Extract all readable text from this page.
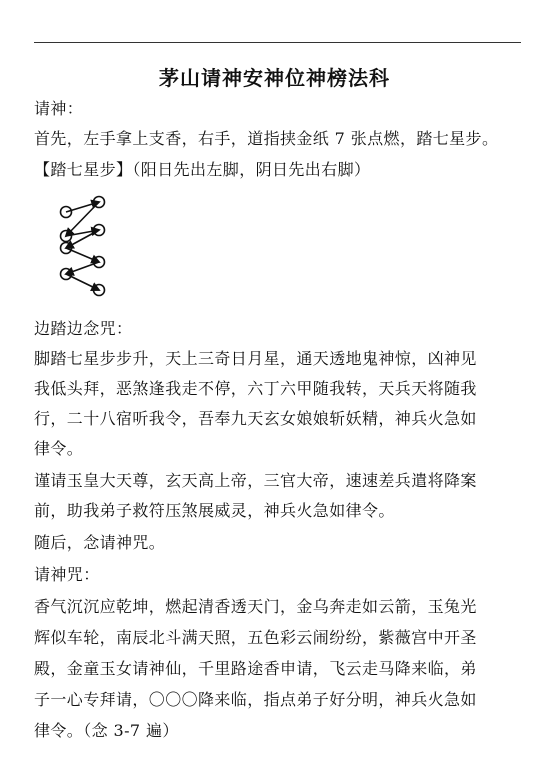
茅山请神安神位神榜法科
请神：
首先，左手拿上支香，右手，道指挟金纸 7 张点燃，踏七星步。
【踏七星步】（阳日先出左脚，阴日先出右脚）
边踏边念咒：
脚踏七星步步升，天上三奇日月星，通天透地鬼神惊，凶神见
我低头拜，恶煞逢我走不停，六丁六甲随我转，天兵天将随我
行，二十八宿听我令，吾奉九天玄女娘娘斩妖精，神兵火急如
律令。
谨请玉皇大天尊，玄天高上帝，三官大帝，速速差兵遣将降案
前，助我弟子救符压煞展威灵，神兵火急如律令。
随后，念请神咒。
请神咒：
香气沉沉应乾坤，燃起清香透天门，金乌奔走如云箭，玉兔光
辉似车轮，南辰北斗满天照，五色彩云闹纷纷，紫薇宫中开圣
殿，金童玉女请神仙，千里路途香申请，飞云走马降来临，弟
子一心专拜请，〇〇〇降来临，指点弟子好分明，神兵火急如
律令。（念 3-7 遍）
